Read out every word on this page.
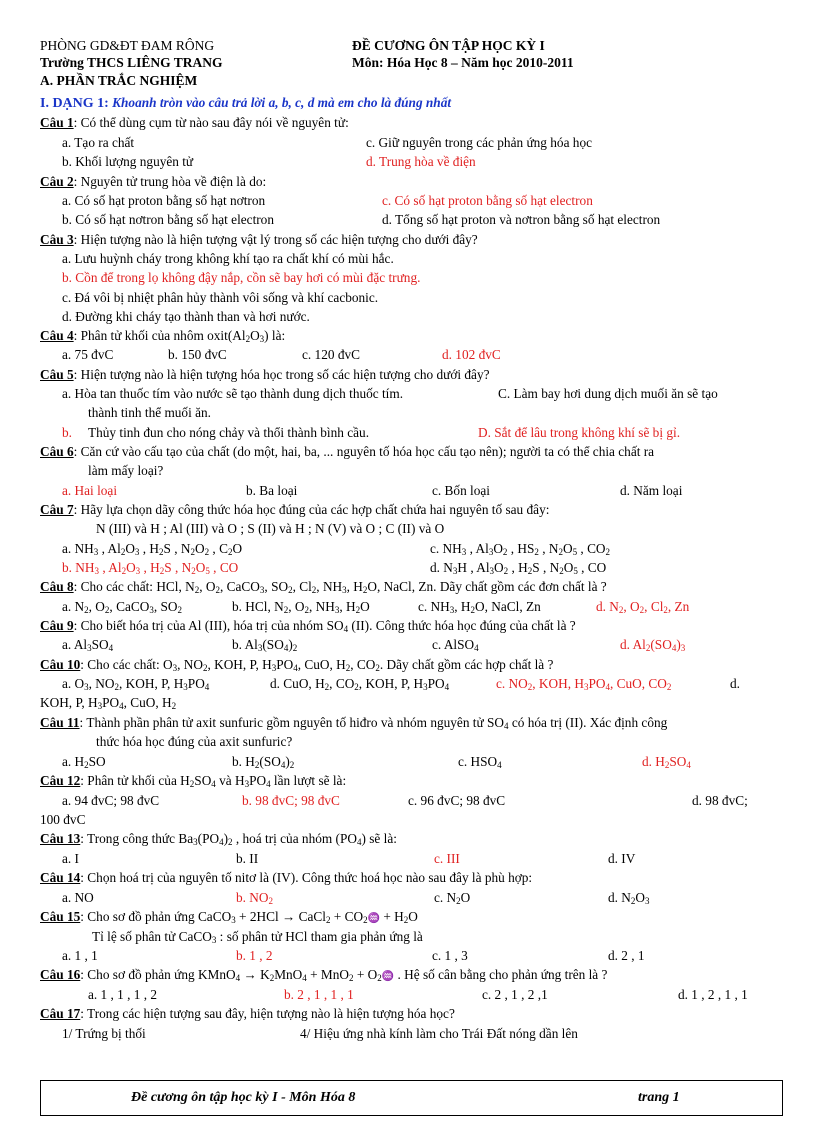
PHÒNG GD&ĐT ĐAM RÔNG	ĐỀ CƯƠNG ÔN TẬP HỌC KỲ I
Trường THCS LIÊNG TRANG	Môn: Hóa Học 8 – Năm học 2010-2011
A. PHẦN TRẮC NGHIỆM
I. DẠNG 1: Khoanh tròn vào câu trả lời a, b, c, d mà em cho là đúng nhất
Câu 1: Có thể dùng cụm từ nào sau đây nói về nguyên tử:
a. Tạo ra chất	c. Giữ nguyên trong các phản ứng hóa học
b. Khối lượng nguyên tử	d. Trung hòa về điện
Câu 2: Nguyên tử trung hòa về điện là do:
a. Có số hạt proton bằng số hạt nơtron	c. Có số hạt proton bằng số hạt electron
b. Có số hạt nơtron bằng số hạt electron	d. Tổng số hạt proton và nơtron bằng số hạt electron
Câu 3: Hiện tượng nào là hiện tượng vật lý trong số các hiện tượng cho dưới đây?
a. Lưu huỳnh cháy trong không khí tạo ra chất khí có mùi hắc.
b. Cồn để trong lọ không đậy nắp, cồn sẽ bay hơi có mùi đặc trưng.
c. Đá vôi bị nhiệt phân hủy thành vôi sống và khí cacbonic.
d. Đường khi cháy tạo thành than và hơi nước.
Câu 4: Phân tử khối của nhôm $oxit(Al_2O_3)$ là:
a. 75 đvC	b. 150 đvC	c. 120 đvC	d. 102 đvC
Câu 5: Hiện tượng nào là hiện tượng hóa học trong số các hiện tượng cho dưới đây?
a. Hòa tan thuốc tím vào nước sẽ tạo thành dung dịch thuốc tím.	C. Làm bay hơi dung dịch muối ăn sẽ tạo
thành tinh thể muối ăn.
b. Thủy tinh đun cho nóng chảy và thổi thành bình cầu.	D. Sắt để lâu trong không khí sẽ bị gỉ.
Câu 6: Căn cứ vào cấu tạo của chất (do một, hai, ba, ... nguyên tố hóa học cấu tạo nên); người ta có thể chia chất ra
làm mấy loại?
a. Hai loại	b. Ba loại	c. Bốn loại	d. Năm loại
Câu 7: Hãy lựa chọn dãy công thức hóa học đúng của các hợp chất chứa hai nguyên tố sau đây:
N (III) và H ; Al (III) và O ; S (II) và H ; N (V) và O ; C (II) và O
a. $NH_3$ , $Al_2O_3$ , $H_2S$ , $N_2O_2$ , $C_2O$	c. $NH_3$ , $Al_3O_2$ , $HS_2$ , $N_2O_5$ , $CO_2$
b. $NH_3$ , $Al_2O_3$ , $H_2S$ , $N_2O_5$ , CO	d. $N_3H$ , $Al_3O_2$ , $H_2S$ , $N_2O_5$ , CO
Câu 8: Cho các chất: HCl, $N_2$, $O_2$, CaCO$_3$, $SO_2$, $Cl_2$, $NH_3$, $H_2O$, NaCl, Zn. Dãy chất gồm các đơn chất là ?
a. $N_2$, $O_2$, CaCO$_3$, $SO_2$	b. HCl, $N_2$, $O_2$, $NH_3$, $H_2O$	c. $NH_3$, $H_2O$, NaCl, Zn	d. $N_2$, $O_2$, $Cl_2$, Zn
Câu 9: Cho biết hóa trị của Al (III), hóa trị của nhóm $SO_4$ (II). Công thức hóa học đúng của chất là ?
a. $Al_3SO_4$	b. $Al_3(SO_4)_2$	c. AlSO$_4$	d. $Al_2(SO_4)_3$
Câu 10: Cho các chất: $O_3$, $NO_2$, KOH, P, $H_3PO_4$, CuO, $H_2$, $CO_2$. Dãy chất gồm các hợp chất là ?
a. $O_3$, $NO_2$, KOH, P, $H_3PO_4$	d. CuO, $H_2$, $CO_2$, KOH, P, $H_3PO_4$	c. $NO_2$, KOH, $H_3PO_4$, CuO, $CO_2$	d.
KOH, P, $H_3PO_4$, CuO, $H_2$
Câu 11: Thành phần phân tử axit sunfuric gồm nguyên tố hiđro và nhóm nguyên tử $SO_4$ có hóa trị (II). Xác định công
thức hóa học đúng của axit sunfuric?
a. $H_2SO$	b. $H_2(SO_4)_2$	c. $HSO_4$	d. $H_2SO_4$
Câu 12: Phân tử khối của $H_2SO_4$ và $H_3PO_4$ lần lượt sẽ là:
a. 94 đvC; 98 đvC	b. 98 đvC; 98 đvC	c. 96 đvC; 98 đvC	d. 98 đvC;
100 đvC
Câu 13: Trong công thức $Ba_3(PO_4)_2$ , hoá trị của nhóm $(PO_4)$ sẽ là:
a. I	b. II	c. III	d. IV
Câu 14: Chọn hoá trị của nguyên tố nitơ là (IV). Công thức hoá học nào sau đây là phù hợp:
a. NO	b. $NO_2$	c. $N_2O$	d. $N_2O_3$
Câu 15: Cho sơ đồ phản ứng CaCO$_3$ + 2HCl → CaCl$_2$ + $CO_2♒ + H_2O$
Tỉ lệ số phân tử CaCO$_3$ : số phân tử HCl tham gia phản ứng là
a. 1 , 1	b. 1 , 2	c. 1 , 3	d. 2 , 1
Câu 16: Cho sơ đồ phản ứng KMnO$_4$ → $K_2MnO_4 + MnO_2$ + $O_2♒$ . Hệ số cân bằng cho phản ứng trên là ?
a. 1 , 1 , 1 , 2	b. 2 , 1 , 1 , 1	c. 2 , 1 , 2 ,1	d. 1 , 2 , 1 , 1
Câu 17: Trong các hiện tượng sau đây, hiện tượng nào là hiện tượng hóa học?
1/ Trứng bị thối	4/ Hiệu ứng nhà kính làm cho Trái Đất nóng dần lên
Đề cương ôn tập học kỳ I - Môn Hóa 8	trang 1
